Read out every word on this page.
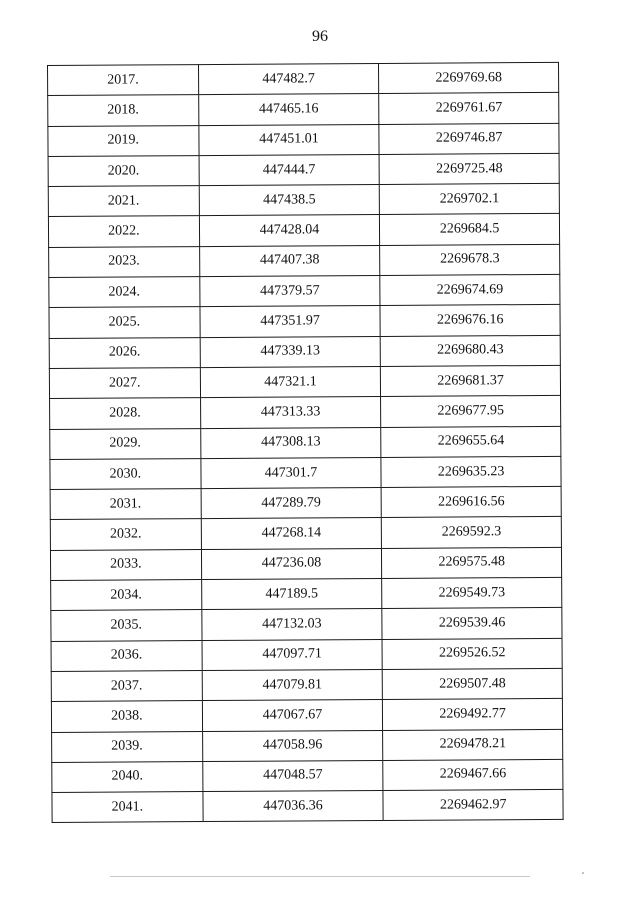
96
2017.	447482.7	2269769.68
2018.	447465.16	2269761.67
2019.	447451.01	2269746.87
2020.	447444.7	2269725.48
2021.	447438.5	2269702.1
2022.	447428.04	2269684.5
2023.	447407.38	2269678.3
2024.	447379.57	2269674.69
2025.	447351.97	2269676.16
2026.	447339.13	2269680.43
2027.	447321.1	2269681.37
2028.	447313.33	2269677.95
2029.	447308.13	2269655.64
2030.	447301.7	2269635.23
2031.	447289.79	2269616.56
2032.	447268.14	2269592.3
2033.	447236.08	2269575.48
2034.	447189.5	2269549.73
2035.	447132.03	2269539.46
2036.	447097.71	2269526.52
2037.	447079.81	2269507.48
2038.	447067.67	2269492.77
2039.	447058.96	2269478.21
2040.	447048.57	2269467.66
2041.	447036.36	2269462.97
